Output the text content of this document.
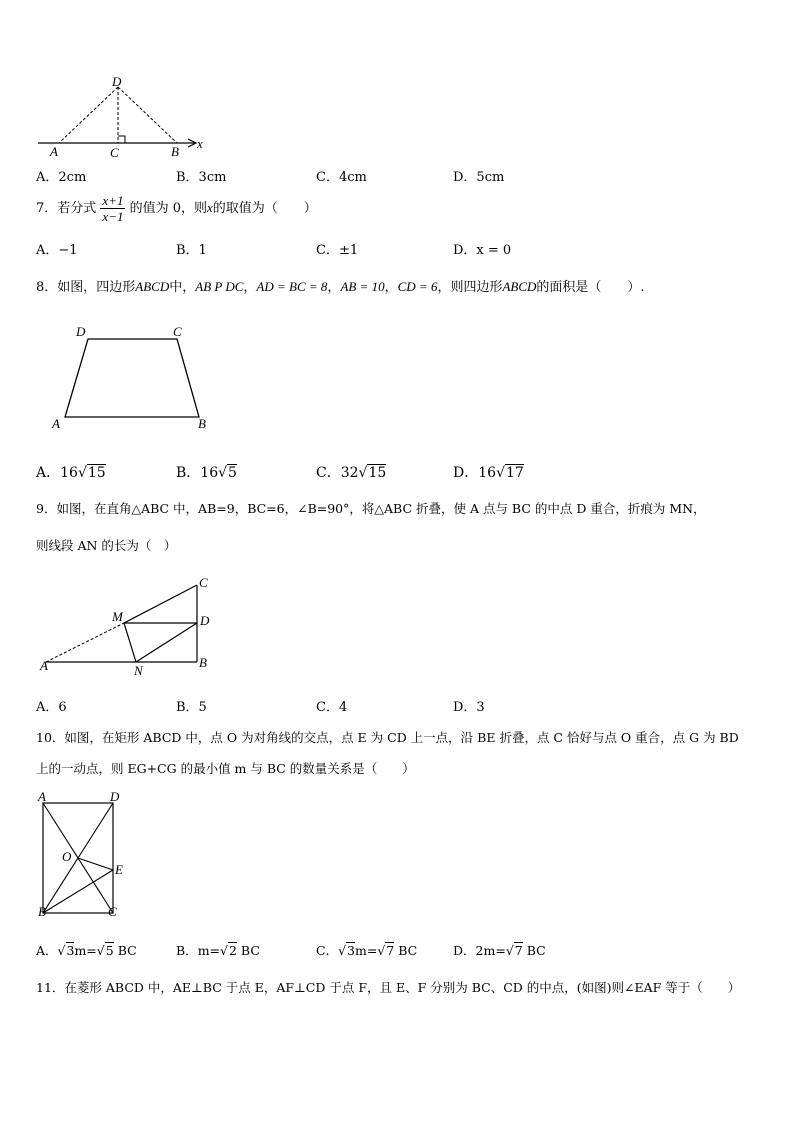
D
A	C	B
x
A．2cm	B．3cm	C．4cm	D．5cm
7．若分式 $\frac{x+1}{x-1}$ 的值为 0，则x的取值为（　　）
A．−1	B．1	C．±1	D．x = 0
8．如图，四边形ABCD中，AB P DC，AD = BC = 8，AB = 10，CD = 6，则四边形ABCD的面积是（　　）.
D	C
A	B
A．16√15	B．16√5	C．32√15	D．16√17
9．如图，在直角△ABC 中，AB=9，BC=6，∠B=90°，将△ABC 折叠，使 A 点与 BC 的中点 D 重合，折痕为 MN，
则线段 AN 的长为（　）
C
M	D
A	N
B
A．6	B．5	C．4	D．3
10．如图，在矩形 ABCD 中，点 O 为对角线的交点，点 E 为 CD 上一点，沿 BE 折叠，点 C 恰好与点 O 重合，点 G 为 BD
上的一动点，则 EG+CG 的最小值 m 与 BC 的数量关系是（　　）
A	D
O
E
B	C
A．√3m=√5 BC	B．m=√2 BC	C．√3m=√7 BC	D．2m=√7 BC
11．在菱形 ABCD 中，AE⊥BC 于点 E，AF⊥CD 于点 F，且 E、F 分别为 BC、CD 的中点，(如图)则∠EAF 等于（　　）
